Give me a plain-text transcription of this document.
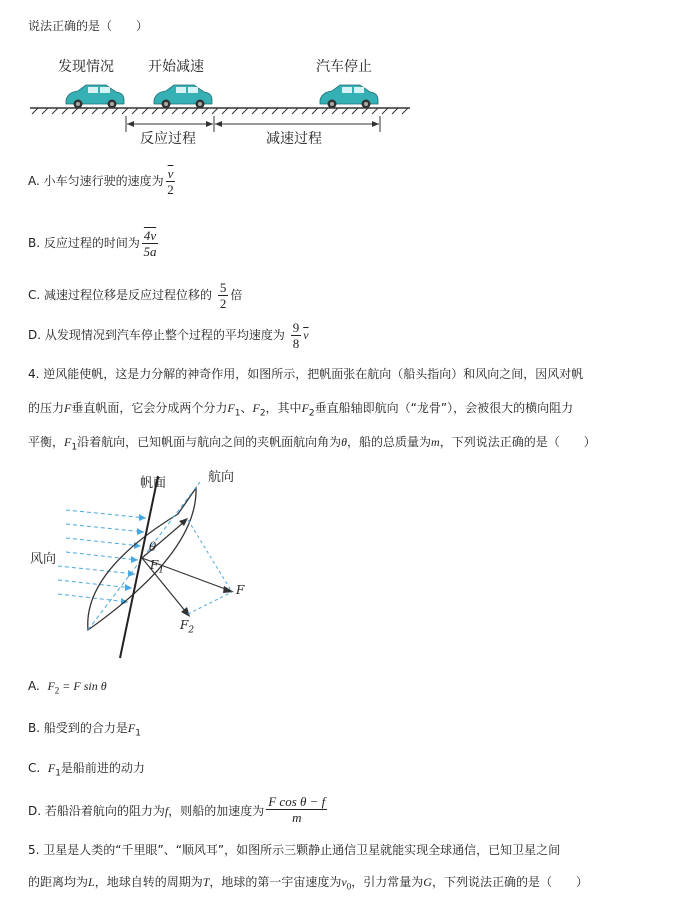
说法正确的是（　　）
发现情况 开始减速	汽车停止
反应过程	减速过程
A. 小车匀速行驶的速度为 $\frac{\overline{v}}{2}$
B. 反应过程的时间为 $\frac{4v}{5a}$
C. 减速过程位移是反应过程位移的 $\frac{5}{2}$ 倍
D. 从发现情况到汽车停止整个过程的平均速度为 $\frac{9}{8} \overline{v}$
4. 逆风能使帆，这是力分解的神奇作用，如图所示，把帆面张在航向（船头指向）和风向之间，因风对帆
的压力F垂直帆面，它会分成两个分力$F_1$、$F_2$，其中$F_2$垂直船轴即航向（“龙骨”），会被很大的横向阻力
平衡，$F_1$沿着航向，已知帆面与航向之间的夹帆面航向角为θ，船的总质量为m，下列说法正确的是（　　）
帆面	航向
风向
θ
$F_1$
F
$F_2$
A. $F_2 = F$ sin θ
B. 船受到的合力是$F_1$
C. $F_1$是船前进的动力
D. 若船沿着航向的阻力为f，则船的加速度为 $\frac{\text{F cos θ − f}}{m}$
5. 卫星是人类的“千里眼”、“顺风耳”，如图所示三颗静止通信卫星就能实现全球通信，已知卫星之间
的距离均为L，地球自转的周期为T，地球的第一宇宙速度为$v_0$，引力常量为G，下列说法正确的是（　　）
